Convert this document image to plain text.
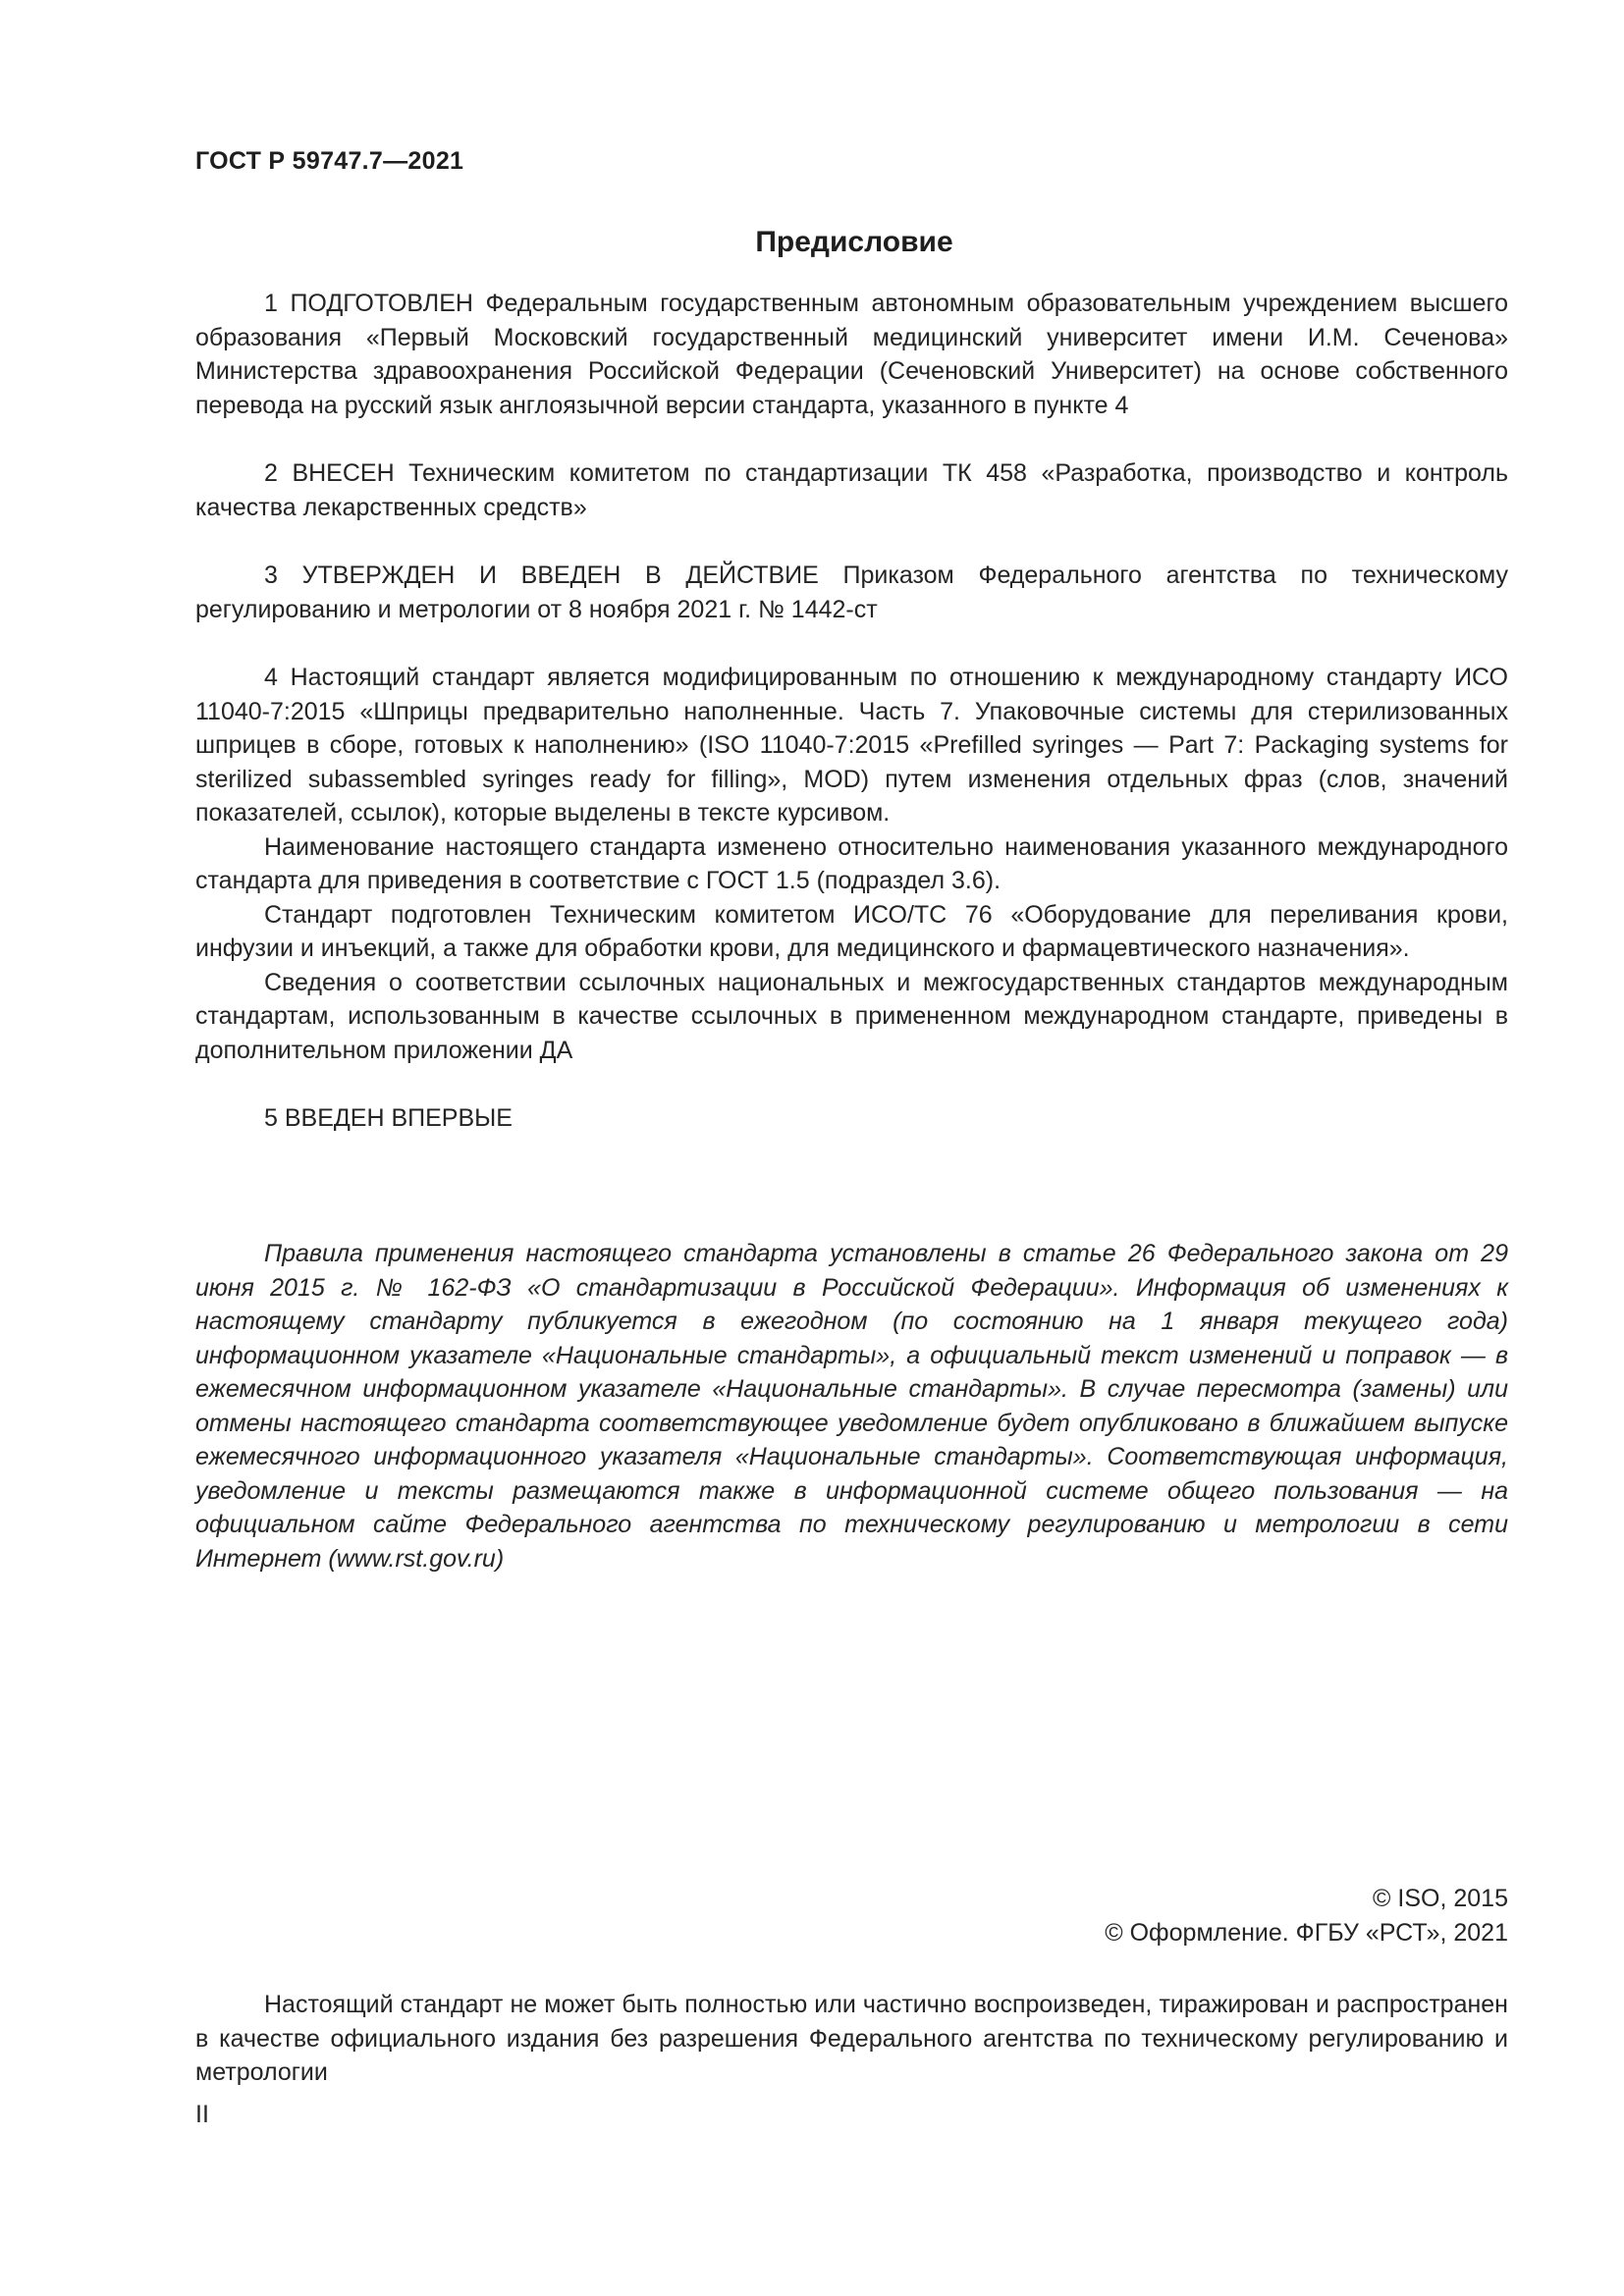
ГОСТ Р 59747.7—2021
Предисловие

1 ПОДГОТОВЛЕН Федеральным государственным автономным образовательным учреждением высшего образования «Первый Московский государственный медицинский университет имени И.М. Сеченова» Министерства здравоохранения Российской Федерации (Сеченовский Университет) на основе собственного перевода на русский язык англоязычной версии стандарта, указанного в пункте 4

2 ВНЕСЕН Техническим комитетом по стандартизации ТК 458 «Разработка, производство и контроль качества лекарственных средств»

3 УТВЕРЖДЕН И ВВЕДЕН В ДЕЙСТВИЕ Приказом Федерального агентства по техническому регулированию и метрологии от 8 ноября 2021 г. № 1442-ст

4 Настоящий стандарт является модифицированным по отношению к международному стандарту ИСО 11040-7:2015 «Шприцы предварительно наполненные. Часть 7. Упаковочные системы для стерилизованных шприцев в сборе, готовых к наполнению» (ISO 11040-7:2015 «Prefilled syringes — Part 7: Packaging systems for sterilized subassembled syringes ready for filling», MOD) путем изменения отдельных фраз (слов, значений показателей, ссылок), которые выделены в тексте курсивом.

Наименование настоящего стандарта изменено относительно наименования указанного международного стандарта для приведения в соответствие с ГОСТ 1.5 (подраздел 3.6).

Стандарт подготовлен Техническим комитетом ИСО/ТС 76 «Оборудование для переливания крови, инфузии и инъекций, а также для обработки крови, для медицинского и фармацевтического назначения».

Сведения о соответствии ссылочных национальных и межгосударственных стандартов международным стандартам, использованным в качестве ссылочных в примененном международном стандарте, приведены в дополнительном приложении ДА

5 ВВЕДЕН ВПЕРВЫЕ

Правила применения настоящего стандарта установлены в статье 26 Федерального закона от 29 июня 2015 г. № 162-ФЗ «О стандартизации в Российской Федерации». Информация об изменениях к настоящему стандарту публикуется в ежегодном (по состоянию на 1 января текущего года) информационном указателе «Национальные стандарты», а официальный текст изменений и поправок — в ежемесячном информационном указателе «Национальные стандарты». В случае пересмотра (замены) или отмены настоящего стандарта соответствующее уведомление будет опубликовано в ближайшем выпуске ежемесячного информационного указателя «Национальные стандарты». Соответствующая информация, уведомление и тексты размещаются также в информационной системе общего пользования — на официальном сайте Федерального агентства по техническому регулированию и метрологии в сети Интернет (www.rst.gov.ru)

© ISO, 2015
© Оформление. ФГБУ «РСТ», 2021

Настоящий стандарт не может быть полностью или частично воспроизведен, тиражирован и распространен в качестве официального издания без разрешения Федерального агентства по техническому регулированию и метрологии

II
